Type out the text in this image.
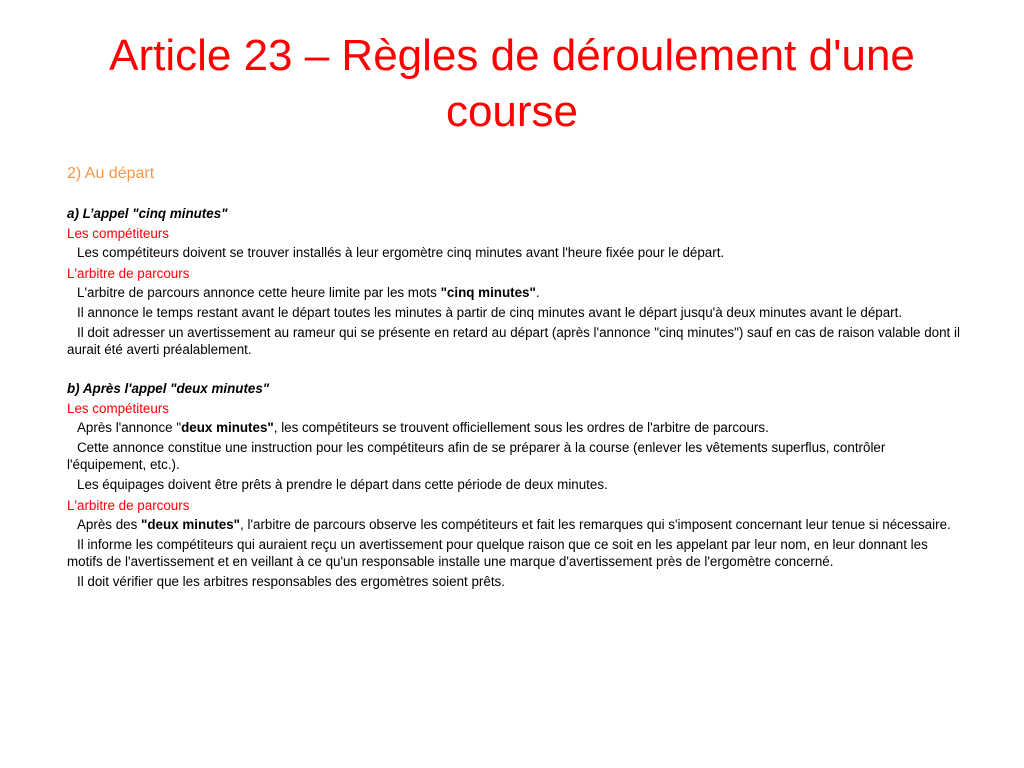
Article 23 – Règles de déroulement d'une course
2) Au départ
a) L’appel "cinq minutes"
Les compétiteurs

Les compétiteurs doivent se trouver installés à leur ergomètre cinq minutes avant l'heure fixée pour le départ.

L'arbitre de parcours

L'arbitre de parcours annonce cette heure limite par les mots "cinq minutes".

Il annonce le temps restant avant le départ toutes les minutes à partir de cinq minutes avant le départ jusqu'à deux minutes avant le départ.

Il doit adresser un avertissement au rameur qui se présente en retard au départ (après l'annonce "cinq minutes") sauf en cas de raison valable dont il aurait été averti préalablement.

b) Après l'appel "deux minutes"
Les compétiteurs

Après l'annonce "deux minutes", les compétiteurs se trouvent officiellement sous les ordres de l'arbitre de parcours.

Cette annonce constitue une instruction pour les compétiteurs afin de se préparer à la course (enlever les vêtements superflus, contrôler l'équipement, etc.).

Les équipages doivent être prêts à prendre le départ dans cette période de deux minutes.

L'arbitre de parcours

Après des "deux minutes", l'arbitre de parcours observe les compétiteurs et fait les remarques qui s'imposent concernant leur tenue si nécessaire.

Il informe les compétiteurs qui auraient reçu un avertissement pour quelque raison que ce soit en les appelant par leur nom, en leur donnant les motifs de l'avertissement et en veillant à ce qu'un responsable installe une marque d'avertissement près de l'ergomètre concerné.

Il doit vérifier que les arbitres responsables des ergomètres soient prêts.
